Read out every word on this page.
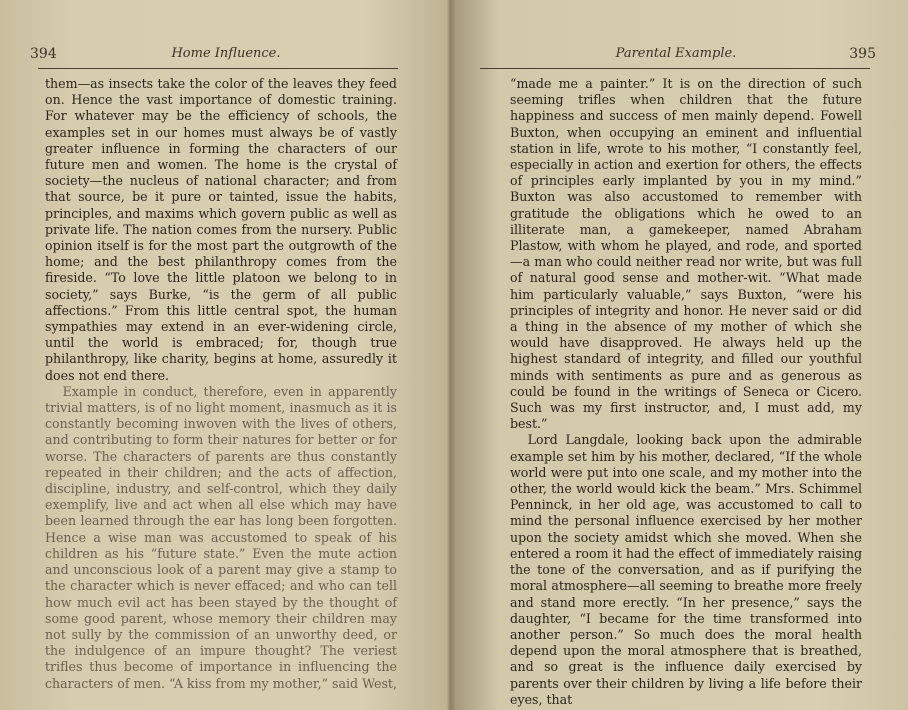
394	Home Influence.

them—as insects take the color of the leaves they feed on. Hence the vast importance of domestic training. For whatever may be the efficiency of schools, the examples set in our homes must always be of vastly greater influence in forming the characters of our future men and women. The home is the crystal of society—the nucleus of national character; and from that source, be it pure or tainted, issue the habits, principles, and maxims which govern public as well as private life. The nation comes from the nursery. Public opinion itself is for the most part the outgrowth of the home; and the best philanthropy comes from the fireside. “To love the little platoon we belong to in society,” says Burke, “is the germ of all public affections.” From this little central spot, the human sympathies may extend in an ever-widening circle, until the world is embraced; for, though true philanthropy, like charity, begins at home, assuredly it does not end there.

Example in conduct, therefore, even in apparently trivial matters, is of no light moment, inasmuch as it is constantly becoming inwoven with the lives of others, and contributing to form their natures for better or for worse. The characters of parents are thus constantly repeated in their children; and the acts of affection, discipline, industry, and self-control, which they daily exemplify, live and act when all else which may have been learned through the ear has long been forgotten. Hence a wise man was accustomed to speak of his children as his “future state.” Even the mute action and unconscious look of a parent may give a stamp to the character which is never effaced; and who can tell how much evil act has been stayed by the thought of some good parent, whose memory their children may not sully by the commission of an unworthy deed, or the indulgence of an impure thought? The veriest trifles thus become of importance in influencing the characters of men. “A kiss from my mother,” said West,

Parental Example.	395

“made me a painter.” It is on the direction of such seeming trifles when children that the future happiness and success of men mainly depend. Fowell Buxton, when occupying an eminent and influential station in life, wrote to his mother, “I constantly feel, especially in action and exertion for others, the effects of principles early implanted by you in my mind.” Buxton was also accustomed to remember with gratitude the obligations which he owed to an illiterate man, a gamekeeper, named Abraham Plastow, with whom he played, and rode, and sported—a man who could neither read nor write, but was full of natural good sense and mother-wit. “What made him particularly valuable,” says Buxton, “were his principles of integrity and honor. He never said or did a thing in the absence of my mother of which she would have disapproved. He always held up the highest standard of integrity, and filled our youthful minds with sentiments as pure and as generous as could be found in the writings of Seneca or Cicero. Such was my first instructor, and, I must add, my best.”

Lord Langdale, looking back upon the admirable example set him by his mother, declared, “If the whole world were put into one scale, and my mother into the other, the world would kick the beam.” Mrs. Schimmel Penninck, in her old age, was accustomed to call to mind the personal influence exercised by her mother upon the society amidst which she moved. When she entered a room it had the effect of immediately raising the tone of the conversation, and as if purifying the moral atmosphere—all seeming to breathe more freely and stand more erectly. “In her presence,” says the daughter, “I became for the time transformed into another person.” So much does the moral health depend upon the moral atmosphere that is breathed, and so great is the influence daily exercised by parents over their children by living a life before their eyes, that
